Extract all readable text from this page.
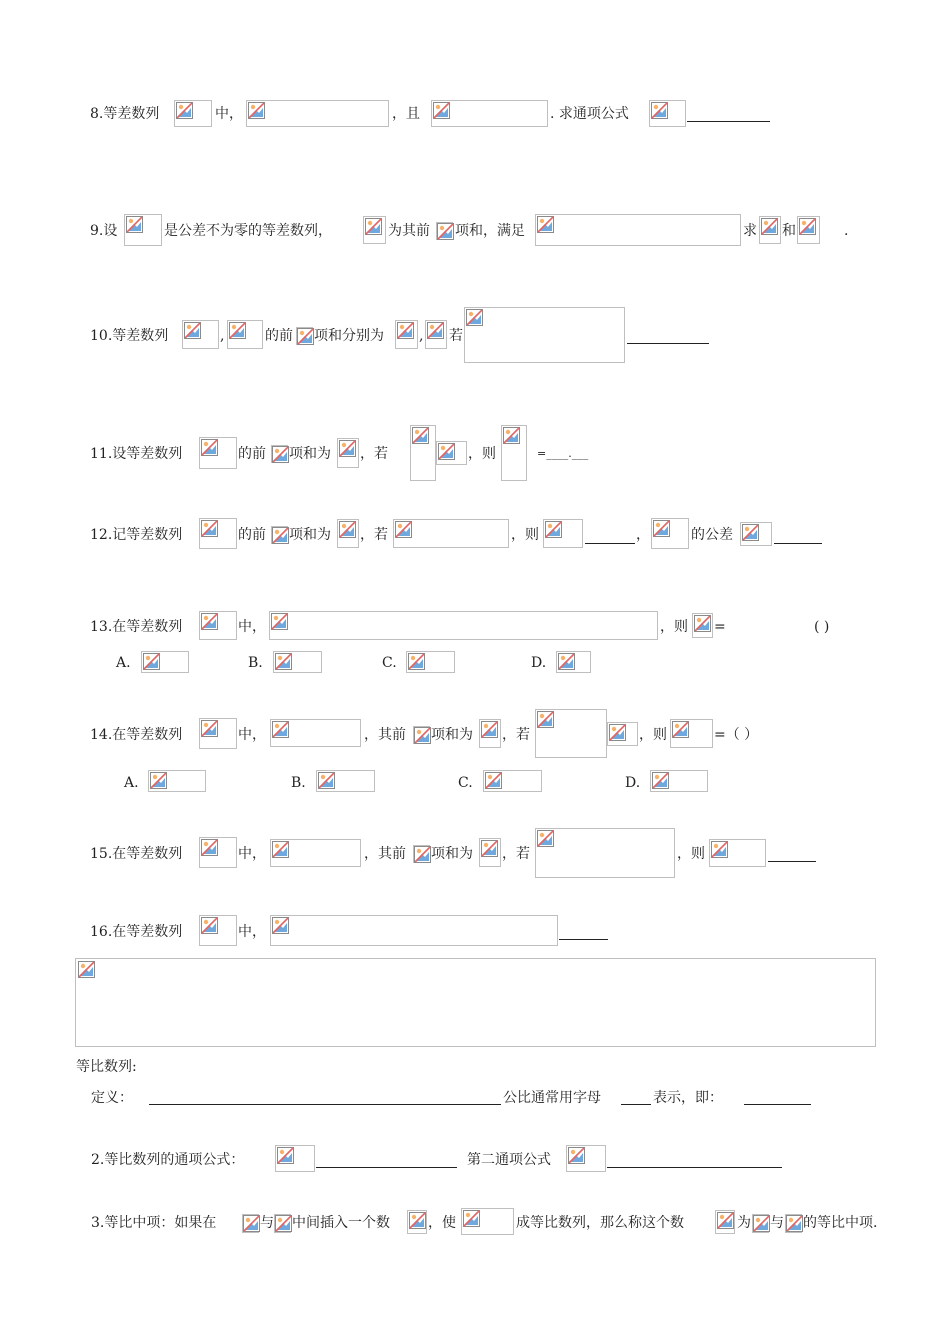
8.等差数列	中，	，且	. 求通项公式
9.设	是公差不为零的等差数列，	为其前 项和，满足	求 和	.
10.等差数列	,	的前 项和分别为	, 若
11.设等差数列	的前 项和为 ，若	，则	=____.___
12.记等差数列	的前 项和为 ，若	，则	，	的公差
13.在等差数列	中，	，则 =	( )
A.	B.	C.	D.
14.在等差数列	中，	，其前 项和为 ，若	，则	=（ ）
A.	B.	C.	D.
15.在等差数列	中，	，其前 项和为 ，若	，则
16.在等差数列	中，
等比数列:
定义：	公比通常用字母	表示，即：
2.等比数列的通项公式：	第二通项公式
3.等比中项：如果在	与 中间插入一个数	，使	成等比数列，那么称这个数	为 与 的等比中项.
